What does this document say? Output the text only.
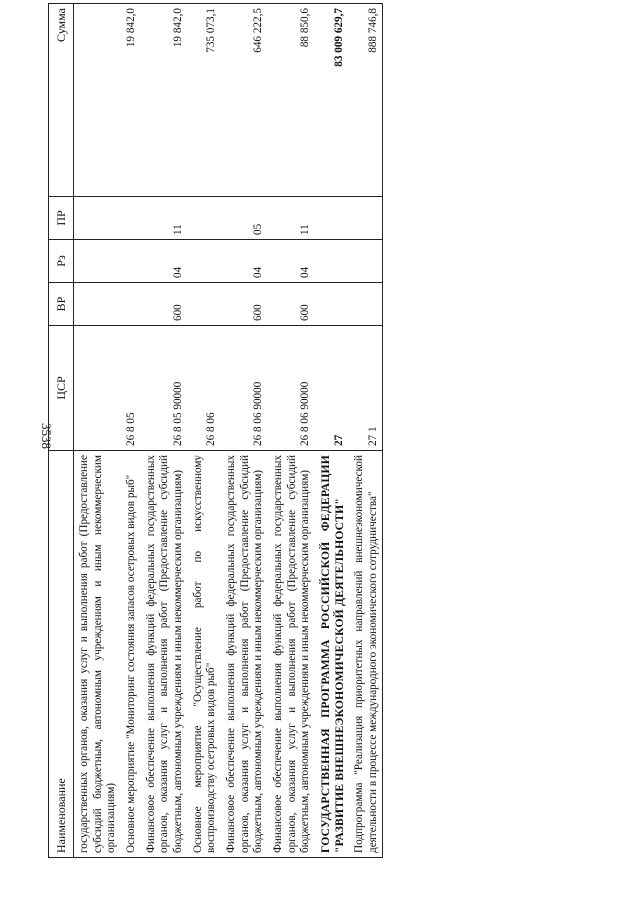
3538
Наименование	ЦСР	ВР	Рз	ПР	Сумма
государственных органов, оказания услуг и выполнения работ (Предоставление субсидий бюджетным, автономным учреждениям и иным некоммерческим организациям)					
Основное мероприятие "Мониторинг состояния запасов осетровых видов рыб"	26 8 05				19 842,0
Финансовое обеспечение выполнения функций федеральных государственных органов, оказания услуг и выполнения работ (Предоставление субсидий бюджетным, автономным учреждениям и иным некоммерческим организациям)	26 8 05 90000	600	04	11	19 842,0
Основное мероприятие "Осуществление работ по искусственному воспроизводству осетровых видов рыб"	26 8 06				735 073,1
Финансовое обеспечение выполнения функций федеральных государственных органов, оказания услуг и выполнения работ (Предоставление субсидий бюджетным, автономным учреждениям и иным некоммерческим организациям)	26 8 06 90000	600	04	05	646 222,5
Финансовое обеспечение выполнения функций федеральных государственных органов, оказания услуг и выполнения работ (Предоставление субсидий бюджетным, автономным учреждениям и иным некоммерческим организациям)	26 8 06 90000	600	04	11	88 850,6
ГОСУДАРСТВЕННАЯ ПРОГРАММА РОССИЙСКОЙ ФЕДЕРАЦИИ "РАЗВИТИЕ ВНЕШНЕЭКОНОМИЧЕСКОЙ ДЕЯТЕЛЬНОСТИ"	27				83 009 629,7
Подпрограмма "Реализация приоритетных направлений внешнеэкономической деятельности в процессе международного экономического сотрудничества"	27 1				888 746,8
